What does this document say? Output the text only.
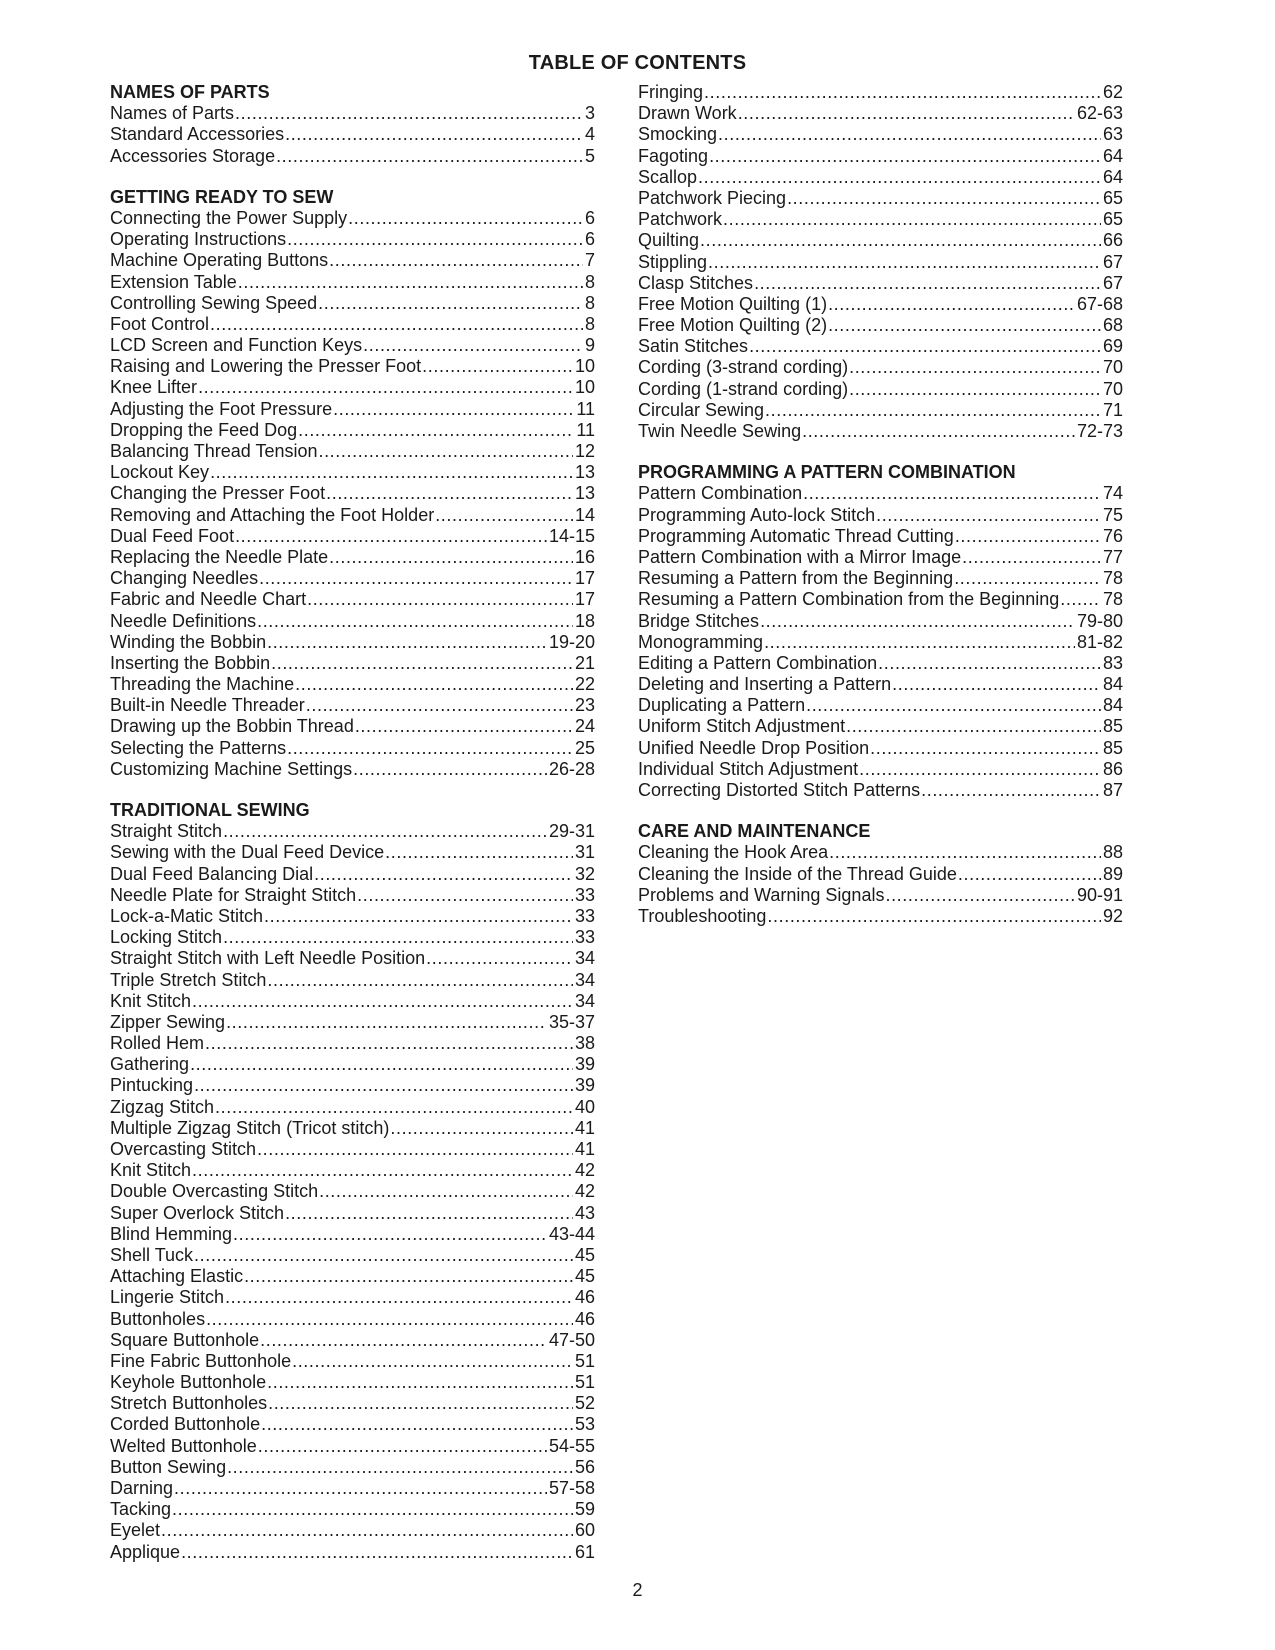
TABLE OF CONTENTS
NAMES OF PARTS
Names of Parts .....	3
Standard Accessories .....	4
Accessories Storage .....	5
GETTING READY TO SEW
Connecting the Power Supply .....	6
Operating Instructions .....	6
Machine Operating Buttons .....	7
Extension Table .....	8
Controlling Sewing Speed .....	8
Foot Control .....	8
LCD Screen and Function Keys .....	9
Raising and Lowering the Presser Foot .....	10
Knee Lifter .....	10
Adjusting the Foot Pressure .....	11
Dropping the Feed Dog .....	11
Balancing Thread Tension .....	12
Lockout Key .....	13
Changing the Presser Foot .....	13
Removing and Attaching the Foot Holder .....	14
Dual Feed Foot .....	14-15
Replacing the Needle Plate .....	16
Changing Needles .....	17
Fabric and Needle Chart .....	17
Needle Definitions .....	18
Winding the Bobbin .....	19-20
Inserting the Bobbin .....	21
Threading the Machine .....	22
Built-in Needle Threader .....	23
Drawing up the Bobbin Thread .....	24
Selecting the Patterns .....	25
Customizing Machine Settings .....	26-28
TRADITIONAL SEWING
Straight Stitch .....	29-31
Sewing with the Dual Feed Device .....	31
Dual Feed Balancing Dial .....	32
Needle Plate for Straight Stitch .....	33
Lock-a-Matic Stitch .....	33
Locking Stitch .....	33
Straight Stitch with Left Needle Position .....	34
Triple Stretch Stitch .....	34
Knit Stitch .....	34
Zipper Sewing .....	35-37
Rolled Hem .....	38
Gathering .....	39
Pintucking .....	39
Zigzag Stitch .....	40
Multiple Zigzag Stitch (Tricot stitch) .....	41
Overcasting Stitch .....	41
Knit Stitch .....	42
Double Overcasting Stitch .....	42
Super Overlock Stitch .....	43
Blind Hemming .....	43-44
Shell Tuck .....	45
Attaching Elastic .....	45
Lingerie Stitch .....	46
Buttonholes .....	46
Square Buttonhole .....	47-50
Fine Fabric Buttonhole .....	51
Keyhole Buttonhole .....	51
Stretch Buttonholes .....	52
Corded Buttonhole .....	53
Welted Buttonhole .....	54-55
Button Sewing .....	56
Darning .....	57-58
Tacking .....	59
Eyelet .....	60
Applique .....	61
Fringing .....	62
Drawn Work .....	62-63
Smocking .....	63
Fagoting .....	64
Scallop .....	64
Patchwork Piecing .....	65
Patchwork .....	65
Quilting .....	66
Stippling .....	67
Clasp Stitches .....	67
Free Motion Quilting (1) .....	67-68
Free Motion Quilting (2) .....	68
Satin Stitches .....	69
Cording (3-strand cording) .....	70
Cording (1-strand cording) .....	70
Circular Sewing .....	71
Twin Needle Sewing .....	72-73
PROGRAMMING A PATTERN COMBINATION
Pattern Combination .....	74
Programming Auto-lock Stitch .....	75
Programming Automatic Thread Cutting .....	76
Pattern Combination with a Mirror Image .....	77
Resuming a Pattern from the Beginning .....	78
Resuming a Pattern Combination from the Beginning ..... 78
Bridge Stitches .....	79-80
Monogramming .....	81-82
Editing a Pattern Combination .....	83
Deleting and Inserting a Pattern .....	84
Duplicating a Pattern .....	84
Uniform Stitch Adjustment .....	85
Unified Needle Drop Position .....	85
Individual Stitch Adjustment .....	86
Correcting Distorted Stitch Patterns .....	87
CARE AND MAINTENANCE
Cleaning the Hook Area .....	88
Cleaning the Inside of the Thread Guide .....	89
Problems and Warning Signals .....	90-91
Troubleshooting .....	92
2
